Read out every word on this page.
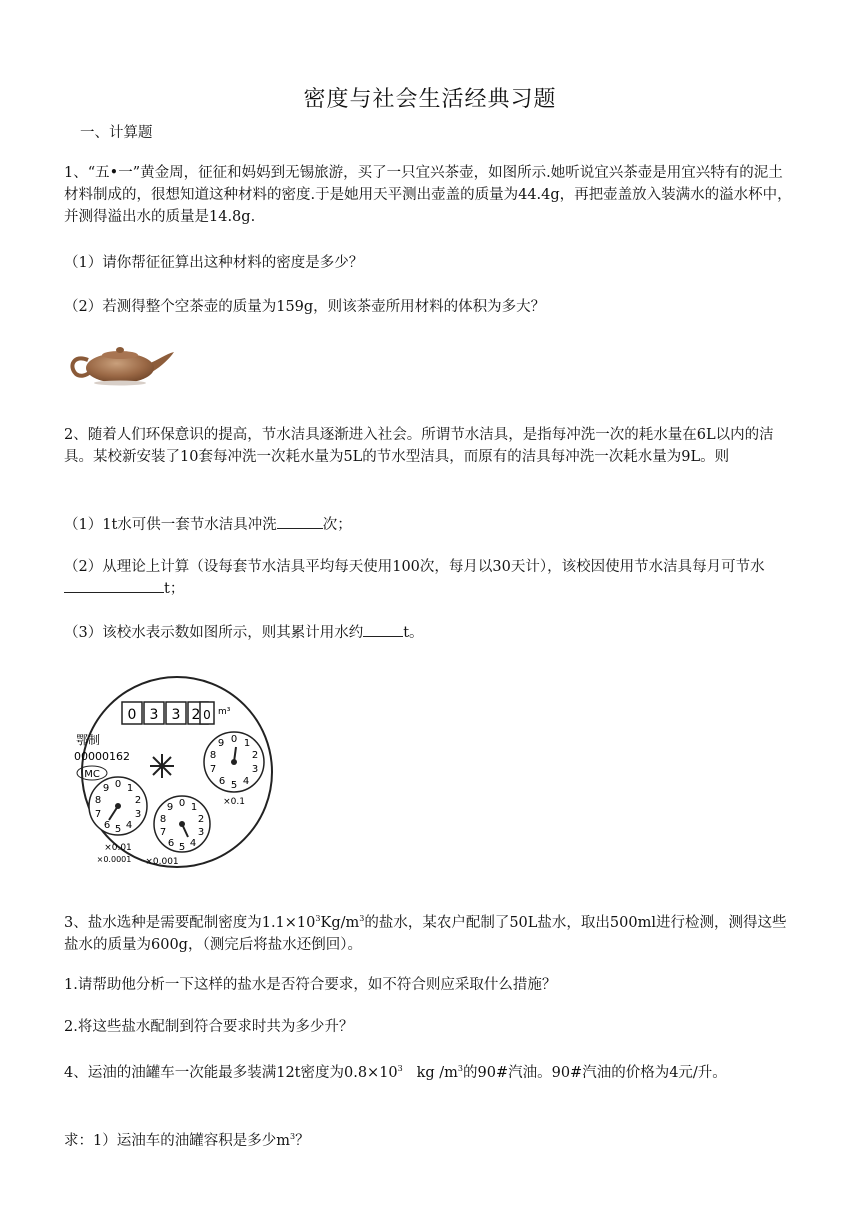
密度与社会生活经典习题
一、计算题
1、“五•一”黄金周，征征和妈妈到无锡旅游，买了一只宜兴茶壶，如图所示.她听说宜兴茶壶是用宜兴特有的泥土材料制成的，很想知道这种材料的密度.于是她用天平测出壶盖的质量为44.4g，再把壶盖放入装满水的溢水杯中，并测得溢出水的质量是14.8g.
（1）请你帮征征算出这种材料的密度是多少？
（2）若测得整个空茶壶的质量为159g，则该茶壶所用材料的体积为多大？
2、随着人们环保意识的提高，节水洁具逐渐进入社会。所谓节水洁具，是指每冲洗一次的耗水量在6L以内的洁具。某校新安装了10套每冲洗一次耗水量为5L的节水型洁具，而原有的洁具每冲洗一次耗水量为9L。则
（1）1t水可供一套节水洁具冲洗	次；
（2）从理论上计算（设每套节水洁具平均每天使用100次，每月以30天计），该校因使用节水洁具每月可节水t；
（3）该校水表示数如图所示，则其累计用水约	t。
0 3 3 2 0 m³
鄂制
00000162
MC
0 1
2
3
4
5
6
7
8
9
×0.1
0 1
2
3
4
5
6
7
8
9
×0.01
0 1
2
3
4
5
6
7
8
9
×0.001
×0.0001
3、盐水选种是需要配制密度为$1.1\times 10^3Kg/m^3$的盐水，某农户配制了50L盐水，取出500ml进行检测，测得这些盐水的质量为600g，（测完后将盐水还倒回）。
1.请帮助他分析一下这样的盐水是否符合要求，如不符合则应采取什么措施？
2.将这些盐水配制到符合要求时共为多少升？
4、运油的油罐车一次能最多装满12t密度为$0.8\times 10^3$ kg $/m^3$的90#汽油。90#汽油的价格为4元/升。
求：1）运油车的油罐容积是多少$m^3$？
